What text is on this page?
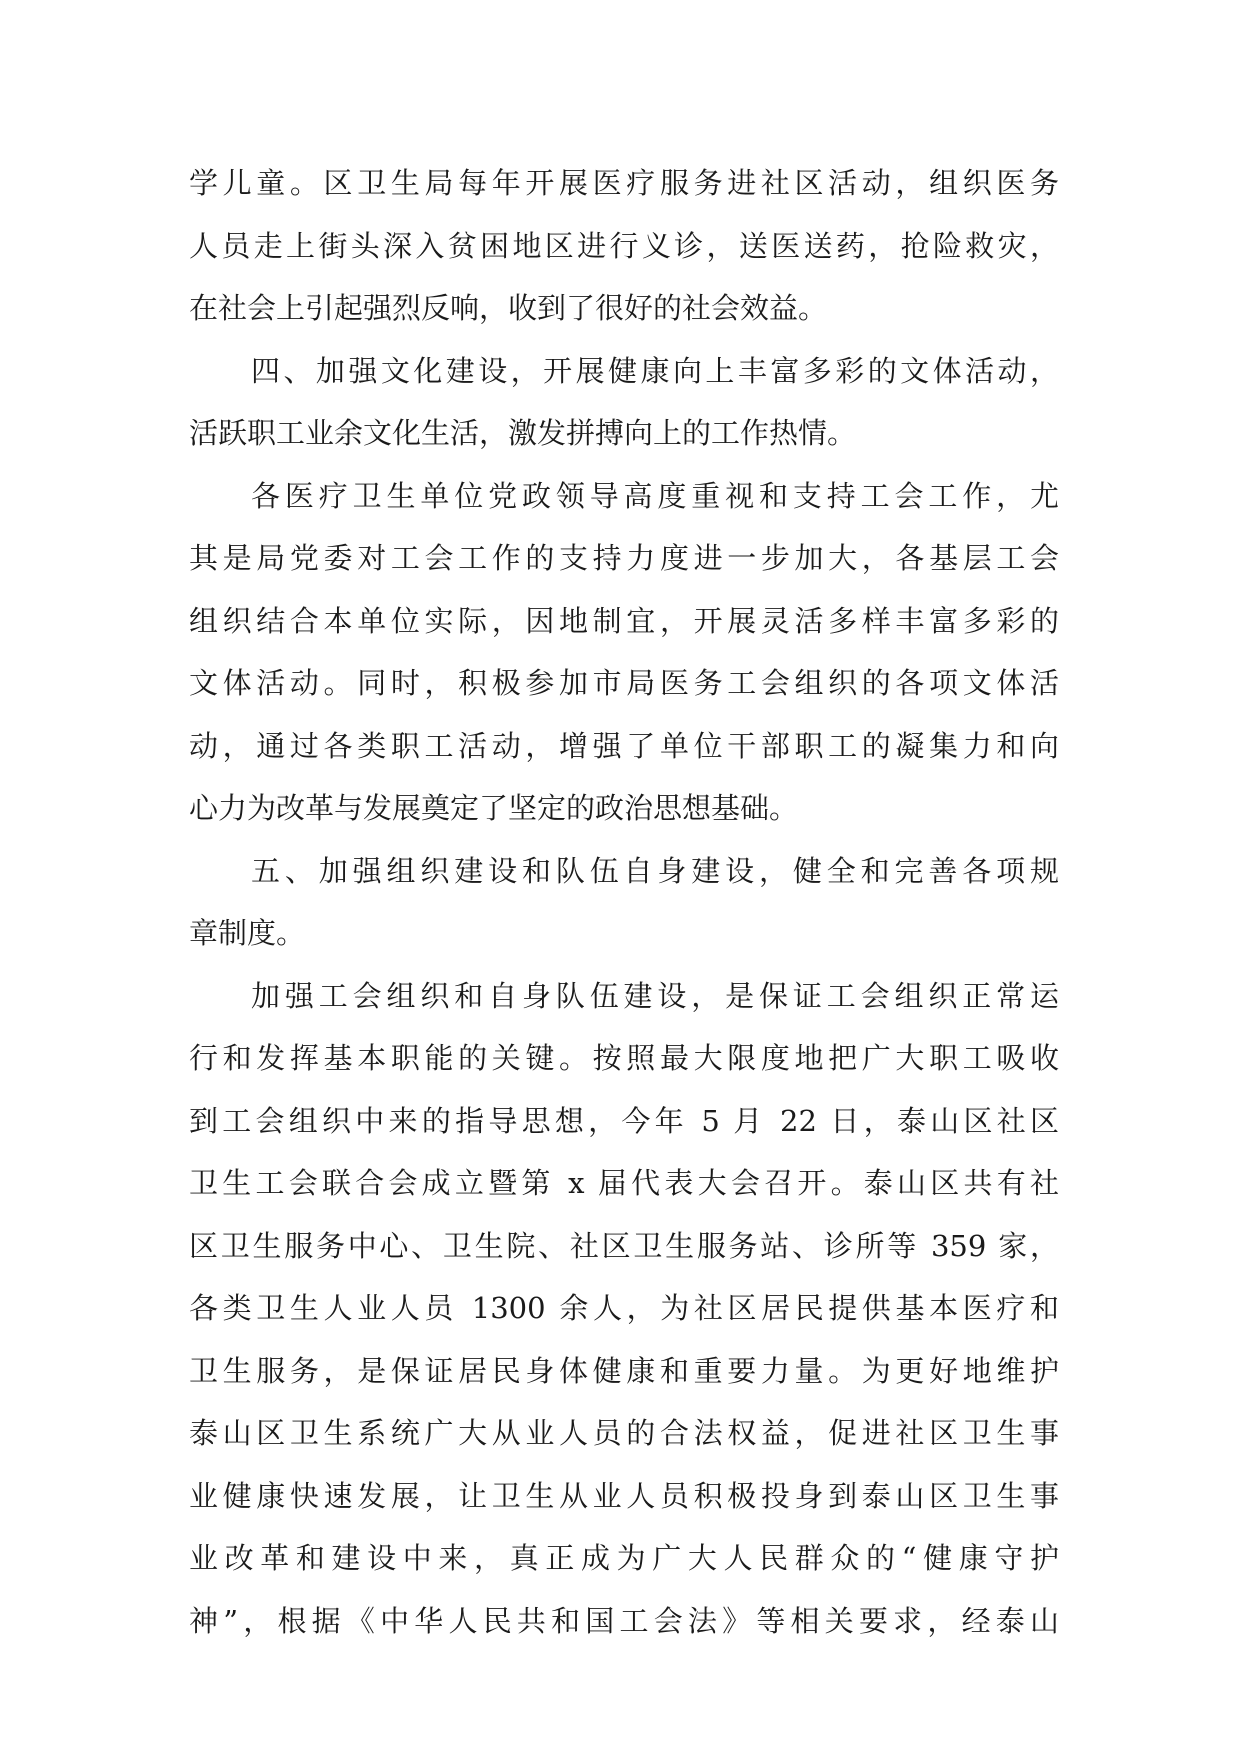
学儿童。区卫生局每年开展医疗服务进社区活动，组织医务
人员走上街头深入贫困地区进行义诊，送医送药，抢险救灾，
在社会上引起强烈反响，收到了很好的社会效益。
四、加强文化建设，开展健康向上丰富多彩的文体活动，
活跃职工业余文化生活，激发拼搏向上的工作热情。
各医疗卫生单位党政领导高度重视和支持工会工作，尤
其是局党委对工会工作的支持力度进一步加大，各基层工会
组织结合本单位实际，因地制宜，开展灵活多样丰富多彩的
文体活动。同时，积极参加市局医务工会组织的各项文体活
动，通过各类职工活动，增强了单位干部职工的凝集力和向
心力为改革与发展奠定了坚定的政治思想基础。
五、加强组织建设和队伍自身建设，健全和完善各项规
章制度。
加强工会组织和自身队伍建设，是保证工会组织正常运
行和发挥基本职能的关键。按照最大限度地把广大职工吸收
到工会组织中来的指导思想，今年 5 月 22 日，泰山区社区
卫生工会联合会成立暨第 x 届代表大会召开。泰山区共有社
区卫生服务中心、卫生院、社区卫生服务站、诊所等 359 家，
各类卫生人业人员 1300 余人，为社区居民提供基本医疗和
卫生服务，是保证居民身体健康和重要力量。为更好地维护
泰山区卫生系统广大从业人员的合法权益，促进社区卫生事
业健康快速发展，让卫生从业人员积极投身到泰山区卫生事
业改革和建设中来，真正成为广大人民群众的“健康守护
神”，根据《中华人民共和国工会法》等相关要求，经泰山
